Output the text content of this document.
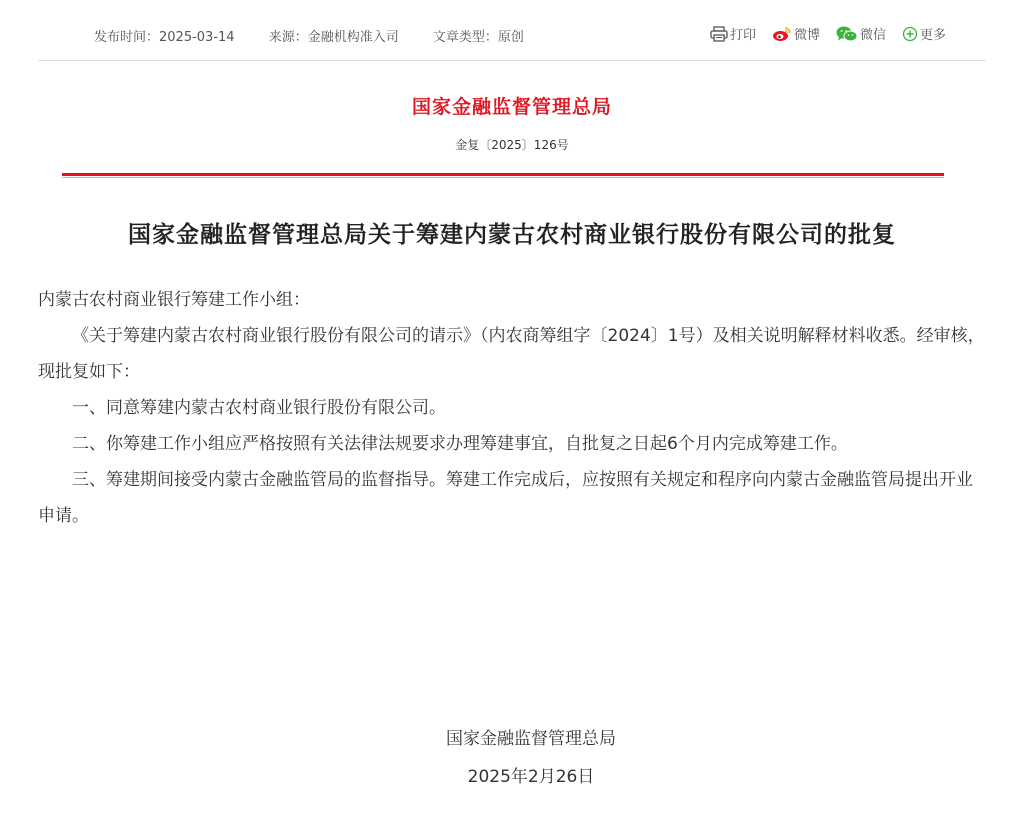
发布时间：2025-03-14	来源：金融机构准入司	文章类型：原创	打印	微博	微信	更多
国家金融监督管理总局
金复〔2025〕126号
国家金融监督管理总局关于筹建内蒙古农村商业银行股份有限公司的批复

内蒙古农村商业银行筹建工作小组：

《关于筹建内蒙古农村商业银行股份有限公司的请示》（内农商筹组字〔2024〕1号）及相关说明解释材料收悉。经审核，现批复如下：

一、同意筹建内蒙古农村商业银行股份有限公司。

二、你筹建工作小组应严格按照有关法律法规要求办理筹建事宜，自批复之日起6个月内完成筹建工作。

三、筹建期间接受内蒙古金融监管局的监督指导。筹建工作完成后，应按照有关规定和程序向内蒙古金融监管局提出开业申请。

国家金融监督管理总局
2025年2月26日
